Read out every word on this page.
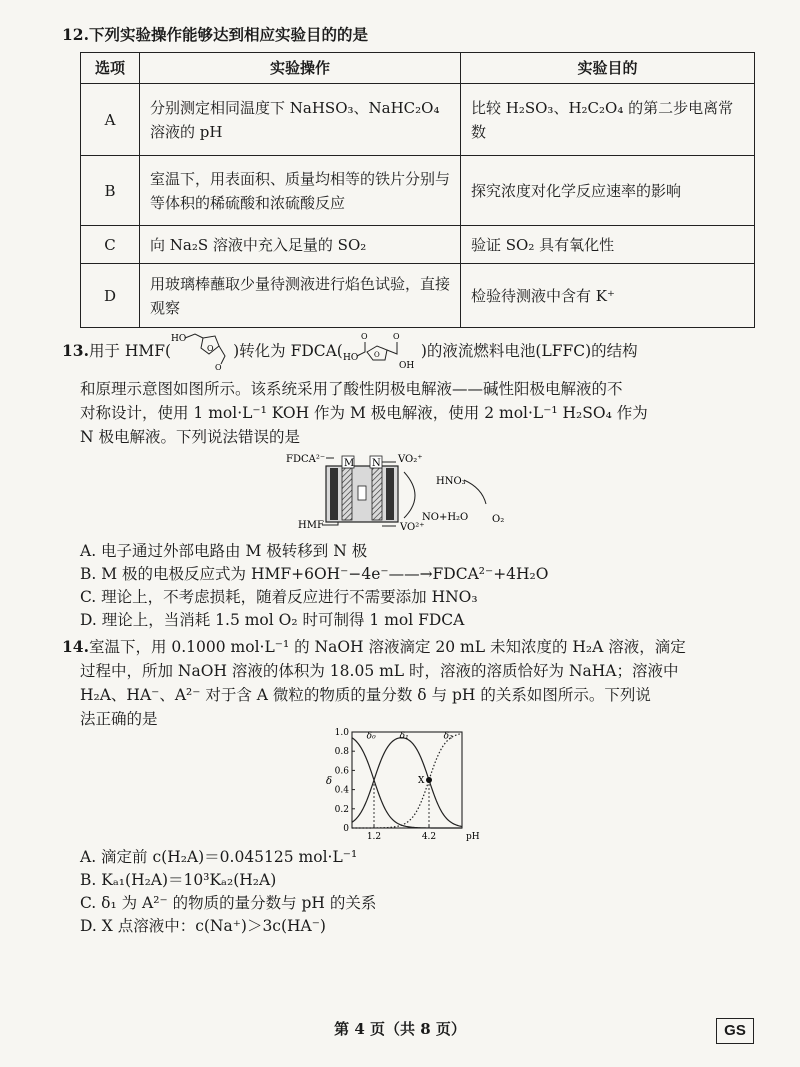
12.下列实验操作能够达到相应实验目的的是
选项	实验操作	实验目的
A	分别测定相同温度下 NaHSO₃、NaHC₂O₄ 溶液的 pH	比较 H₂SO₃、H₂C₂O₄ 的第二步电离常数
B	室温下，用表面积、质量均相等的铁片分别与等体积的稀硫酸和浓硫酸反应	探究浓度对化学反应速率的影响
C	向 Na₂S 溶液中充入足量的 SO₂	验证 SO₂ 具有氧化性
D	用玻璃棒蘸取少量待测液进行焰色试验，直接观察	检验待测液中含有 K⁺
13.用于 HMF(
HO
O
O
)转化为 FDCA( HO
O
O
O
OH
)的液流燃料电池(LFFC)的结构
和原理示意图如图所示。该系统采用了酸性阴极电解液——碱性阳极电解液的不
对称设计，使用 1 mol·L⁻¹ KOH 作为 M 极电解液，使用 2 mol·L⁻¹ H₂SO₄ 作为
N 极电解液。下列说法错误的是
FDCA²⁻
HMF
M N VO₂⁺
VO²⁺
HNO₃
NO+H₂O O₂
A. 电子通过外部电路由 M 极转移到 N 极
B. M 极的电极反应式为 HMF+6OH⁻−4e⁻——→FDCA²⁻+4H₂O
C. 理论上，不考虑损耗，随着反应进行不需要添加 HNO₃
D. 理论上，当消耗 1.5 mol O₂ 时可制得 1 mol FDCA
14.室温下，用 0.1000 mol·L⁻¹ 的 NaOH 溶液滴定 20 mL 未知浓度的 H₂A 溶液，滴定
过程中，所加 NaOH 溶液的体积为 18.05 mL 时，溶液的溶质恰好为 NaHA；溶液中
H₂A、HA⁻、A²⁻ 对于含 A 微粒的物质的量分数 δ 与 pH 的关系如图所示。下列说
法正确的是
0
0.2
0.4
0.6
0.8
1.0
δ
1.2	4.2	pH
δ₀	δ₁	δ₂
X
A. 滴定前 c(H₂A)＝0.045125 mol·L⁻¹
B. Kₐ₁(H₂A)＝10³Kₐ₂(H₂A)
C. δ₁ 为 A²⁻ 的物质的量分数与 pH 的关系
D. X 点溶液中：c(Na⁺)＞3c(HA⁻)
第 4 页（共 8 页）	GS
